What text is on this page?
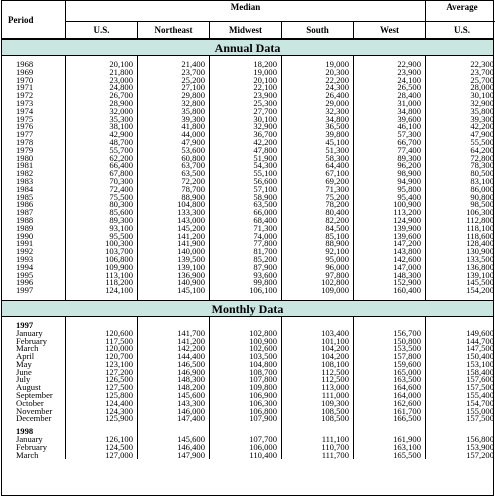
Period
Median	Average
U.S.	Northeast	Midwest	South	West	U.S.
Annual Data
1968	20,100	21,400	18,200	19,000	22,900	22,300
1969	21,800	23,700	19,000	20,300	23,900	23,700
1970	23,000	25,200	20,100	22,200	24,100	25,700
1971	24,800	27,100	22,100	24,300	26,500	28,000
1972	26,700	29,800	23,900	26,400	28,400	30,100
1973	28,900	32,800	25,300	29,000	31,000	32,900
1974	32,000	35,800	27,700	32,300	34,800	35,800
1975	35,300	39,300	30,100	34,800	39,600	39,300
1976	38,100	41,800	32,900	36,500	46,100	42,200
1977	42,900	44,000	36,700	39,800	57,300	47,900
1978	48,700	47,900	42,200	45,100	66,700	55,500
1979	55,700	53,600	47,800	51,300	77,400	64,200
1980	62,200	60,800	51,900	58,300	89,300	72,800
1981	66,400	63,700	54,300	64,400	96,200	78,300
1982	67,800	63,500	55,100	67,100	98,900	80,500
1983	70,300	72,200	56,600	69,200	94,900	83,100
1984	72,400	78,700	57,100	71,300	95,800	86,000
1985	75,500	88,900	58,900	75,200	95,400	90,800
1986	80,300	104,800	63,500	78,200	100,900	98,500
1987	85,600	133,300	66,000	80,400	113,200	106,300
1988	89,300	143,000	68,400	82,200	124,900	112,800
1989	93,100	145,200	71,300	84,500	139,900	118,100
1990	95,500	141,200	74,000	85,100	139,600	118,600
1991	100,300	141,900	77,800	88,900	147,200	128,400
1992	103,700	140,000	81,700	92,100	143,800	130,900
1993	106,800	139,500	85,200	95,000	142,600	133,500
1994	109,900	139,100	87,900	96,000	147,000	136,800
1995	113,100	136,900	93,600	97,800	148,300	139,100
1996	118,200	140,900	99,800	102,800	152,900	145,500
1997	124,100	145,100	106,100	109,000	160,400	154,200
Monthly Data
1997
January	120,600	141,700	102,800	103,400	156,700	149,600
February	117,500	141,200	100,900	101,100	150,800	144,700
March	120,000	142,200	102,600	104,200	153,500	147,500
April	120,700	144,400	103,500	104,200	157,800	150,400
May	123,100	146,500	104,800	108,100	159,600	153,100
June	127,200	146,900	108,700	112,500	165,000	158,400
July	126,500	148,300	107,800	112,500	163,500	157,600
August	127,500	148,200	109,800	113,000	164,600	157,500
September	125,800	145,600	106,900	111,000	164,000	155,400
October	124,400	143,300	106,300	109,300	162,600	154,700
November	124,300	146,000	106,800	108,500	161,700	155,000
December	125,900	147,400	107,900	108,500	166,500	157,500
1998
January	126,100	145,600	107,700	111,100	161,900	156,800
February	124,500	146,400	106,000	110,700	163,100	153,900
March	127,000	147,900	110,400	111,700	165,500	157,200
